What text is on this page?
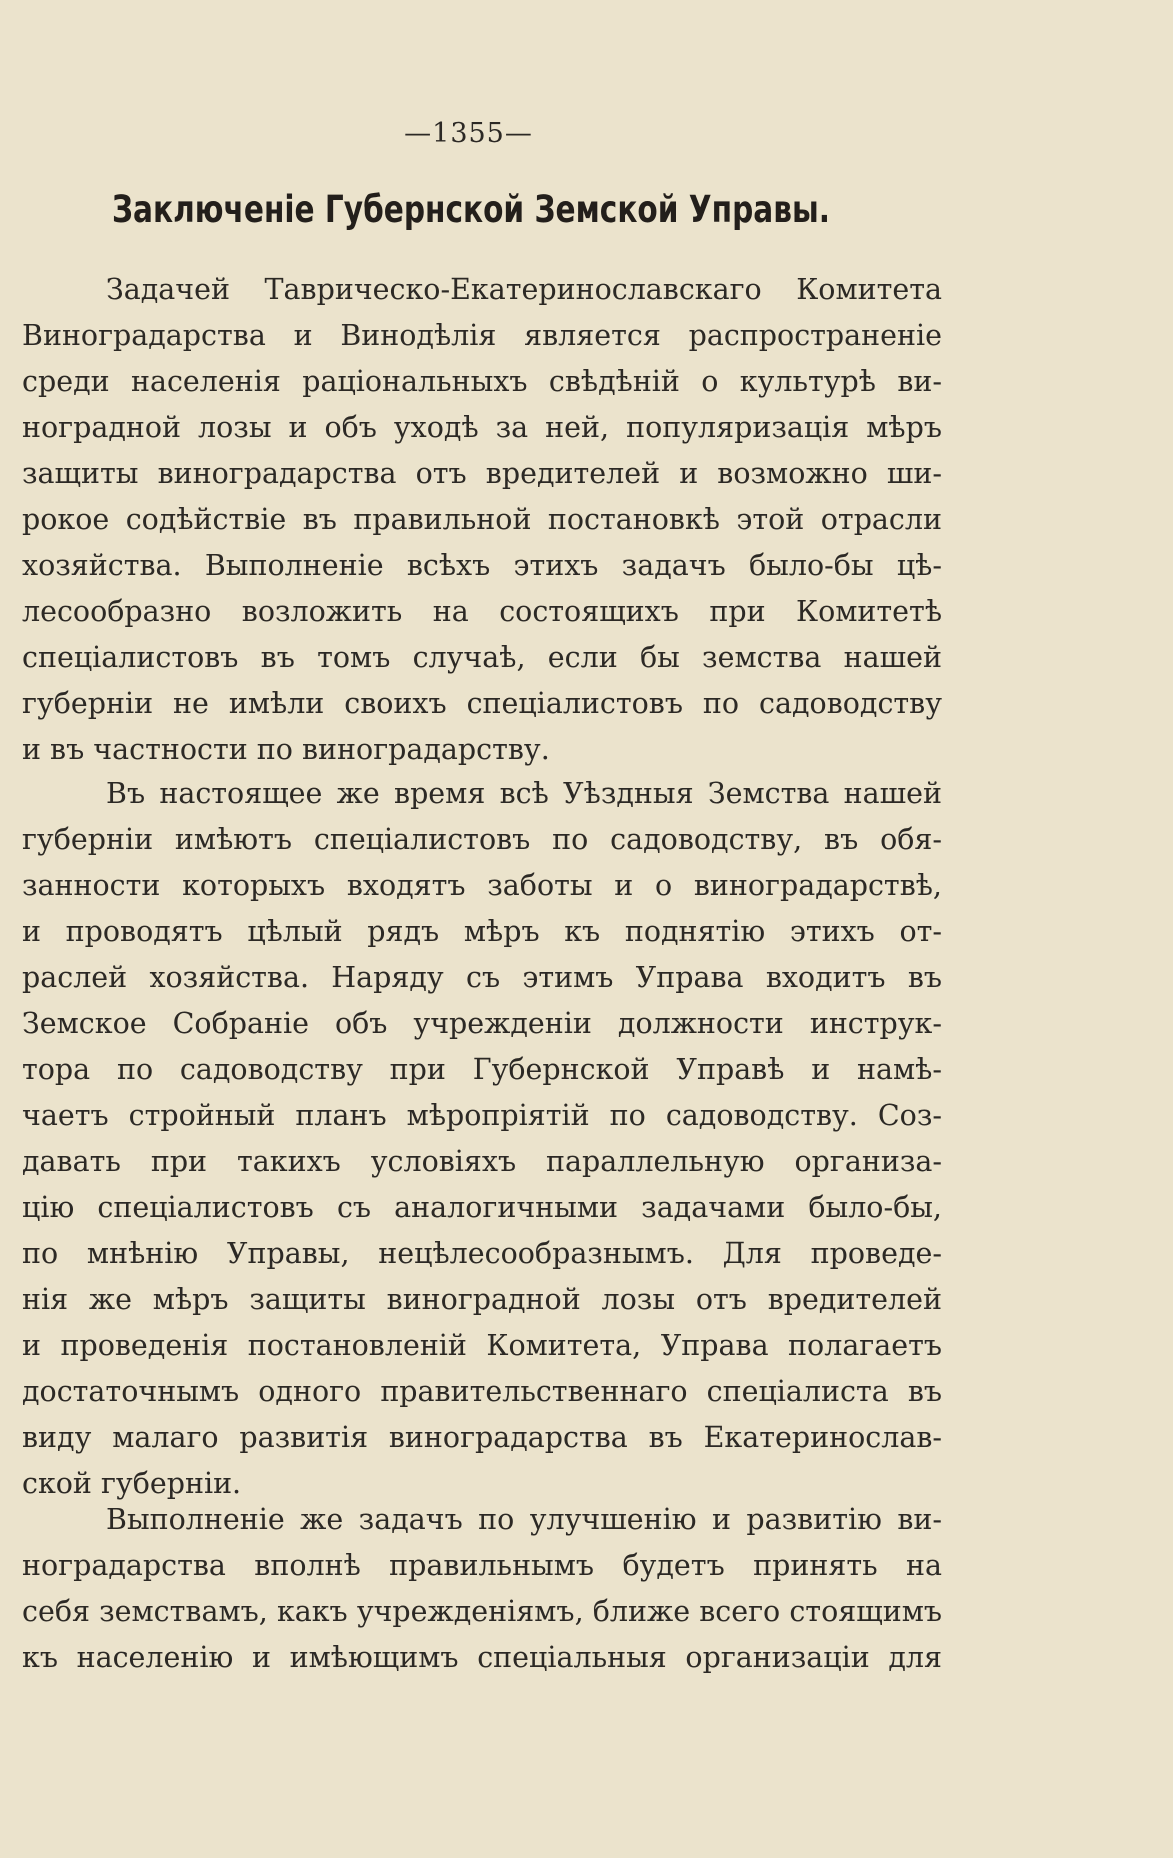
—1355—
Заключеніе Губернской Земской Управы.
Задачей Таврическо-Екатеринославскаго Комитета
Виноградарства и Винодѣлія является распространеніе
среди населенія раціональныхъ свѣдѣній о культурѣ ви-
ноградной лозы и объ уходѣ за ней, популяризація мѣръ
защиты виноградарства отъ вредителей и возможно ши-
рокое содѣйствіе въ правильной постановкѣ этой отрасли
хозяйства. Выполненіе всѣхъ этихъ задачъ было-бы цѣ-
лесообразно возложить на состоящихъ при Комитетѣ
спеціалистовъ въ томъ случаѣ, если бы земства нашей
губерніи не имѣли своихъ спеціалистовъ по садоводству
и въ частности по виноградарству.
Въ настоящее же время всѣ Уѣздныя Земства нашей
губерніи имѣютъ спеціалистовъ по садоводству, въ обя-
занности которыхъ входятъ заботы и о виноградарствѣ,
и проводятъ цѣлый рядъ мѣръ къ поднятію этихъ от-
раслей хозяйства. Наряду съ этимъ Управа входитъ въ
Земское Собраніе объ учрежденіи должности инструк-
тора по садоводству при Губернской Управѣ и намѣ-
чаетъ стройный планъ мѣропріятій по садоводству. Соз-
давать при такихъ условіяхъ параллельную организа-
цію спеціалистовъ съ аналогичными задачами было-бы,
по мнѣнію Управы, нецѣлесообразнымъ. Для проведе-
нія же мѣръ защиты виноградной лозы отъ вредителей
и проведенія постановленій Комитета, Управа полагаетъ
достаточнымъ одного правительственнаго спеціалиста въ
виду малаго развитія виноградарства въ Екатеринослав-
ской губерніи.
Выполненіе же задачъ по улучшенію и развитію ви-
ноградарства вполнѣ правильнымъ будетъ принять на
себя земствамъ, какъ учрежденіямъ, ближе всего стоящимъ
къ населенію и имѣющимъ спеціальныя организаціи для
